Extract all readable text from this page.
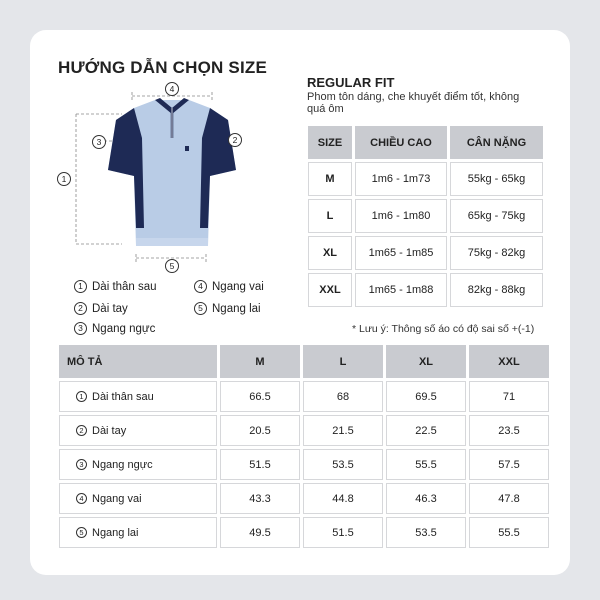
HƯỚNG DẪN CHỌN SIZE
REGULAR FIT
Phom tôn dáng, che khuyết điểm tốt, không quá ôm
4
1
3	2
5
1 Dài thân sau
2 Dài tay
3 Ngang ngực
4 Ngang vai
5 Ngang lai
SIZE	CHIỀU CAO	CÂN NẶNG
M	1m6 - 1m73	55kg - 65kg
L	1m6 - 1m80	65kg - 75kg
XL	1m65 - 1m85	75kg - 82kg
XXL	1m65 - 1m88	82kg - 88kg
* Lưu ý: Thông số áo có độ sai số +(-1)
MÔ TẢ	M	L	XL	XXL

1 Dài thân sau	66.5	68	69.5	71

2 Dài tay	20.5	21.5	22.5	23.5

3 Ngang ngực	51.5	53.5	55.5	57.5

4 Ngang vai	43.3	44.8	46.3	47.8

5 Ngang lai	49.5	51.5	53.5	55.5
